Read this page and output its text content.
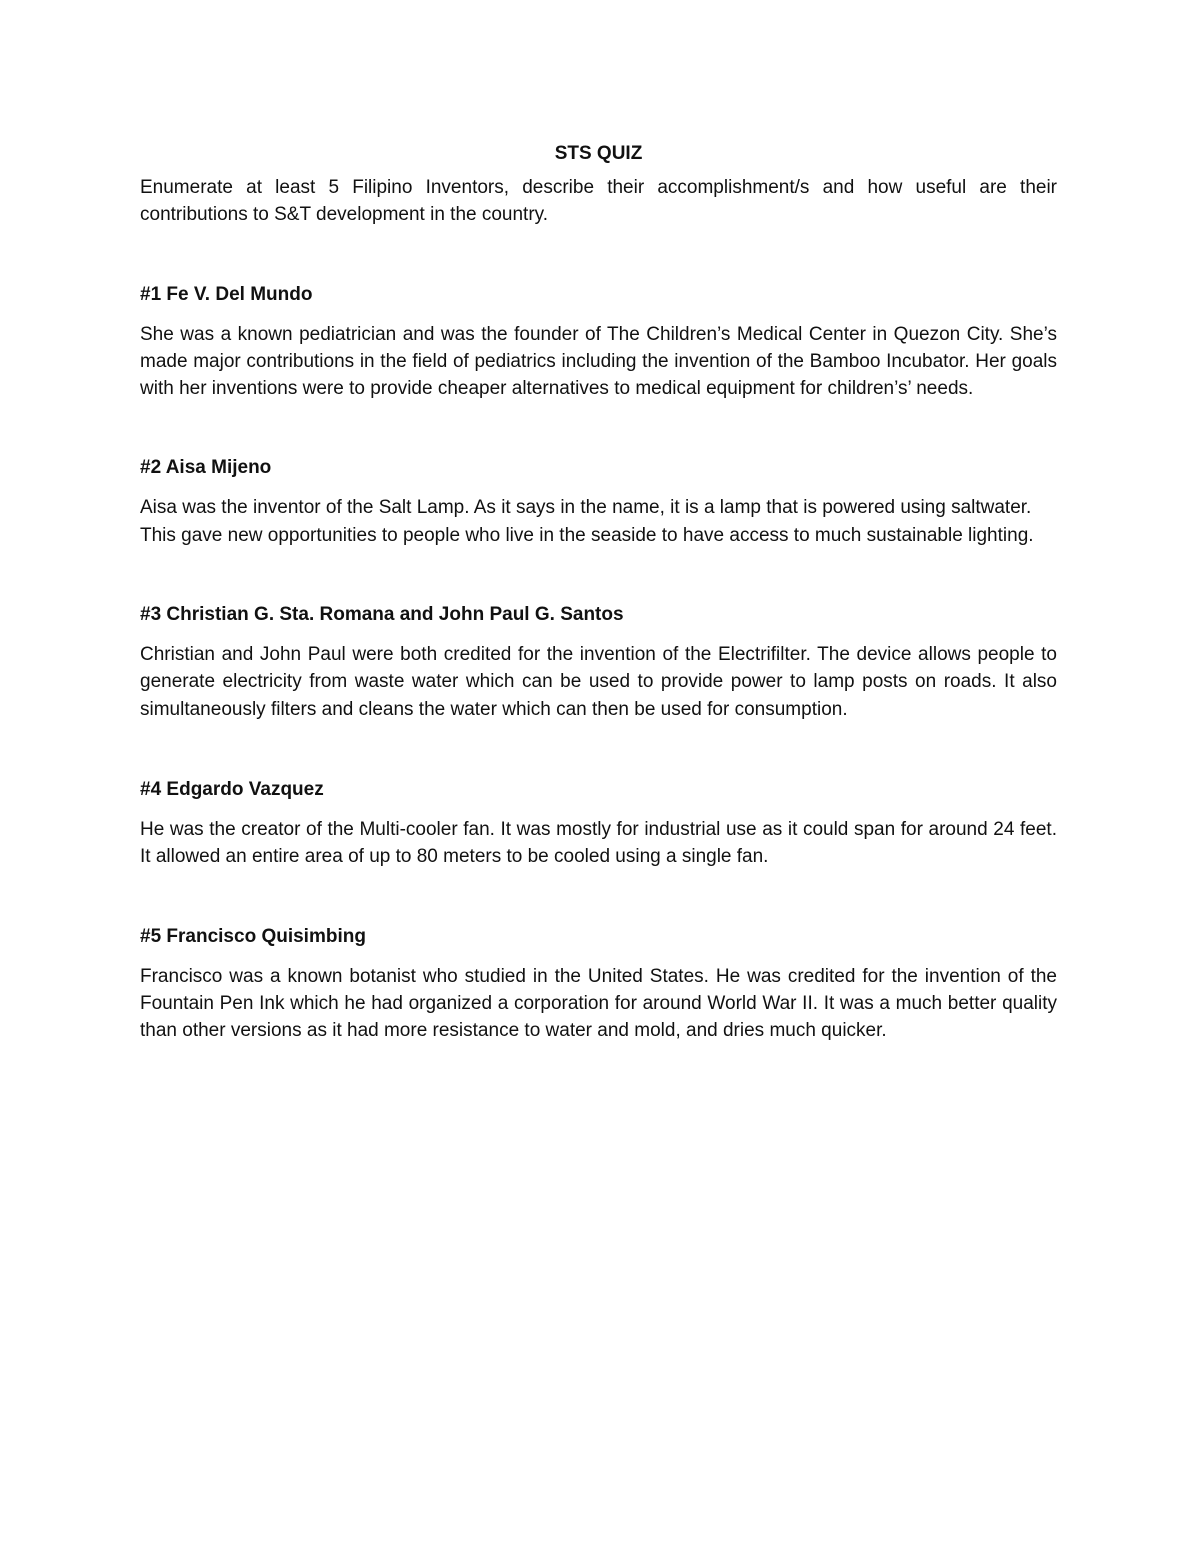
STS QUIZ

Enumerate at least 5 Filipino Inventors, describe their accomplishment/s and how useful are their contributions to S&T development in the country.

#1 Fe V. Del Mundo

She was a known pediatrician and was the founder of The Children’s Medical Center in Quezon City. She’s made major contributions in the field of pediatrics including the invention of the Bamboo Incubator. Her goals with her inventions were to provide cheaper alternatives to medical equipment for children’s’ needs.

#2 Aisa Mijeno

Aisa was the inventor of the Salt Lamp. As it says in the name, it is a lamp that is powered using saltwater. This gave new opportunities to people who live in the seaside to have access to much sustainable lighting.

#3 Christian G. Sta. Romana and John Paul G. Santos

Christian and John Paul were both credited for the invention of the Electrifilter. The device allows people to generate electricity from waste water which can be used to provide power to lamp posts on roads. It also simultaneously filters and cleans the water which can then be used for consumption.

#4 Edgardo Vazquez

He was the creator of the Multi-cooler fan. It was mostly for industrial use as it could span for around 24 feet. It allowed an entire area of up to 80 meters to be cooled using a single fan.

#5 Francisco Quisimbing

Francisco was a known botanist who studied in the United States. He was credited for the invention of the Fountain Pen Ink which he had organized a corporation for around World War II. It was a much better quality than other versions as it had more resistance to water and mold, and dries much quicker.
